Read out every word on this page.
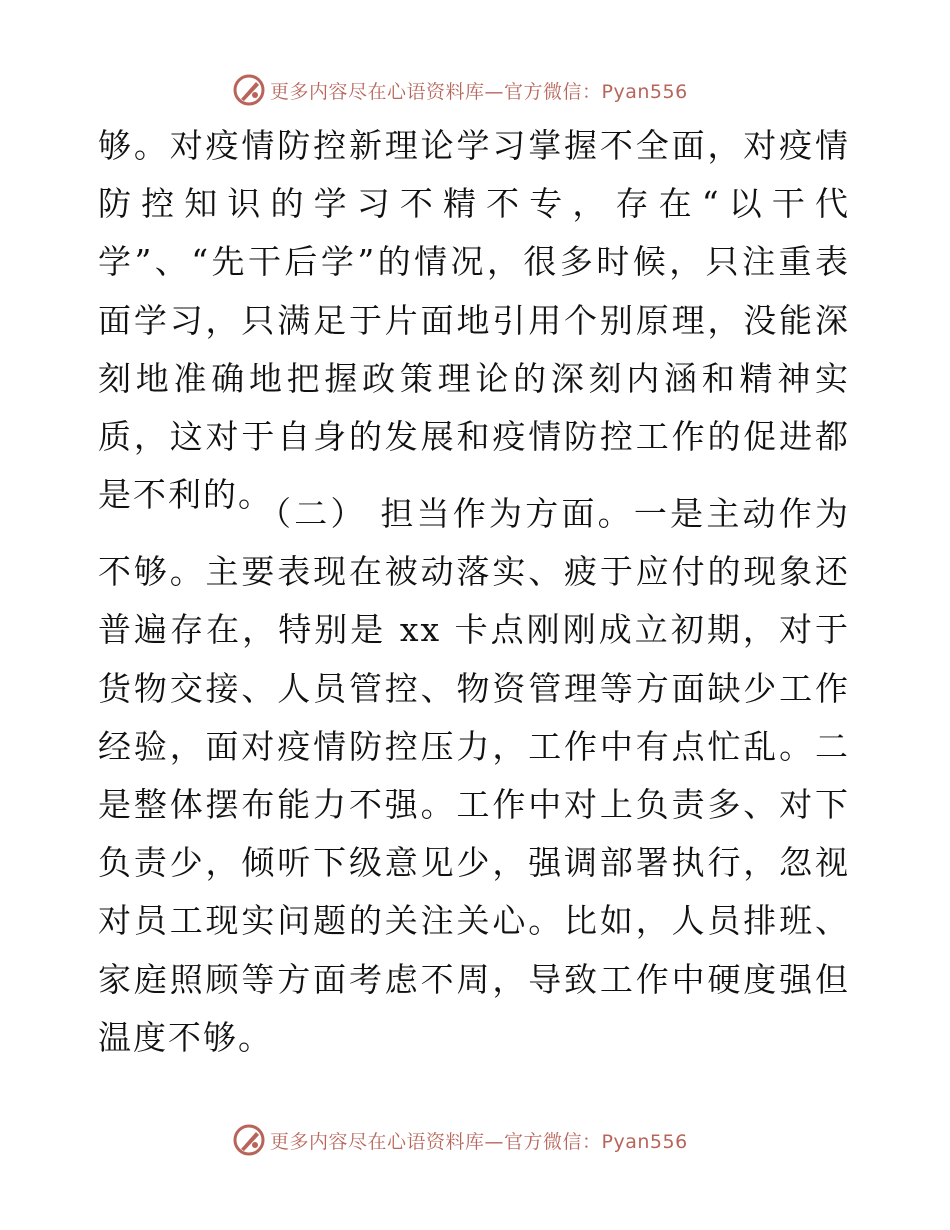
更多内容尽在心语资料库—官方微信：Pyan556

够。对疫情防控新理论学习掌握不全面，对疫情防控知识的学习不精不专，存在“以干代学”、“先干后学”的情况，很多时候，只注重表面学习，只满足于片面地引用个别原理，没能深刻地准确地把握政策理论的深刻内涵和精神实质，这对于自身的发展和疫情防控工作的促进都是不利的。

（二） 担当作为方面。一是主动作为不够。主要表现在被动落实、疲于应付的现象还普遍存在，特别是 xx 卡点刚刚成立初期，对于货物交接、人员管控、物资管理等方面缺少工作经验，面对疫情防控压力，工作中有点忙乱。二是整体摆布能力不强。工作中对上负责多、对下负责少，倾听下级意见少，强调部署执行，忽视对员工现实问题的关注关心。比如，人员排班、家庭照顾等方面考虑不周，导致工作中硬度强但温度不够。

更多内容尽在心语资料库—官方微信：Pyan556
